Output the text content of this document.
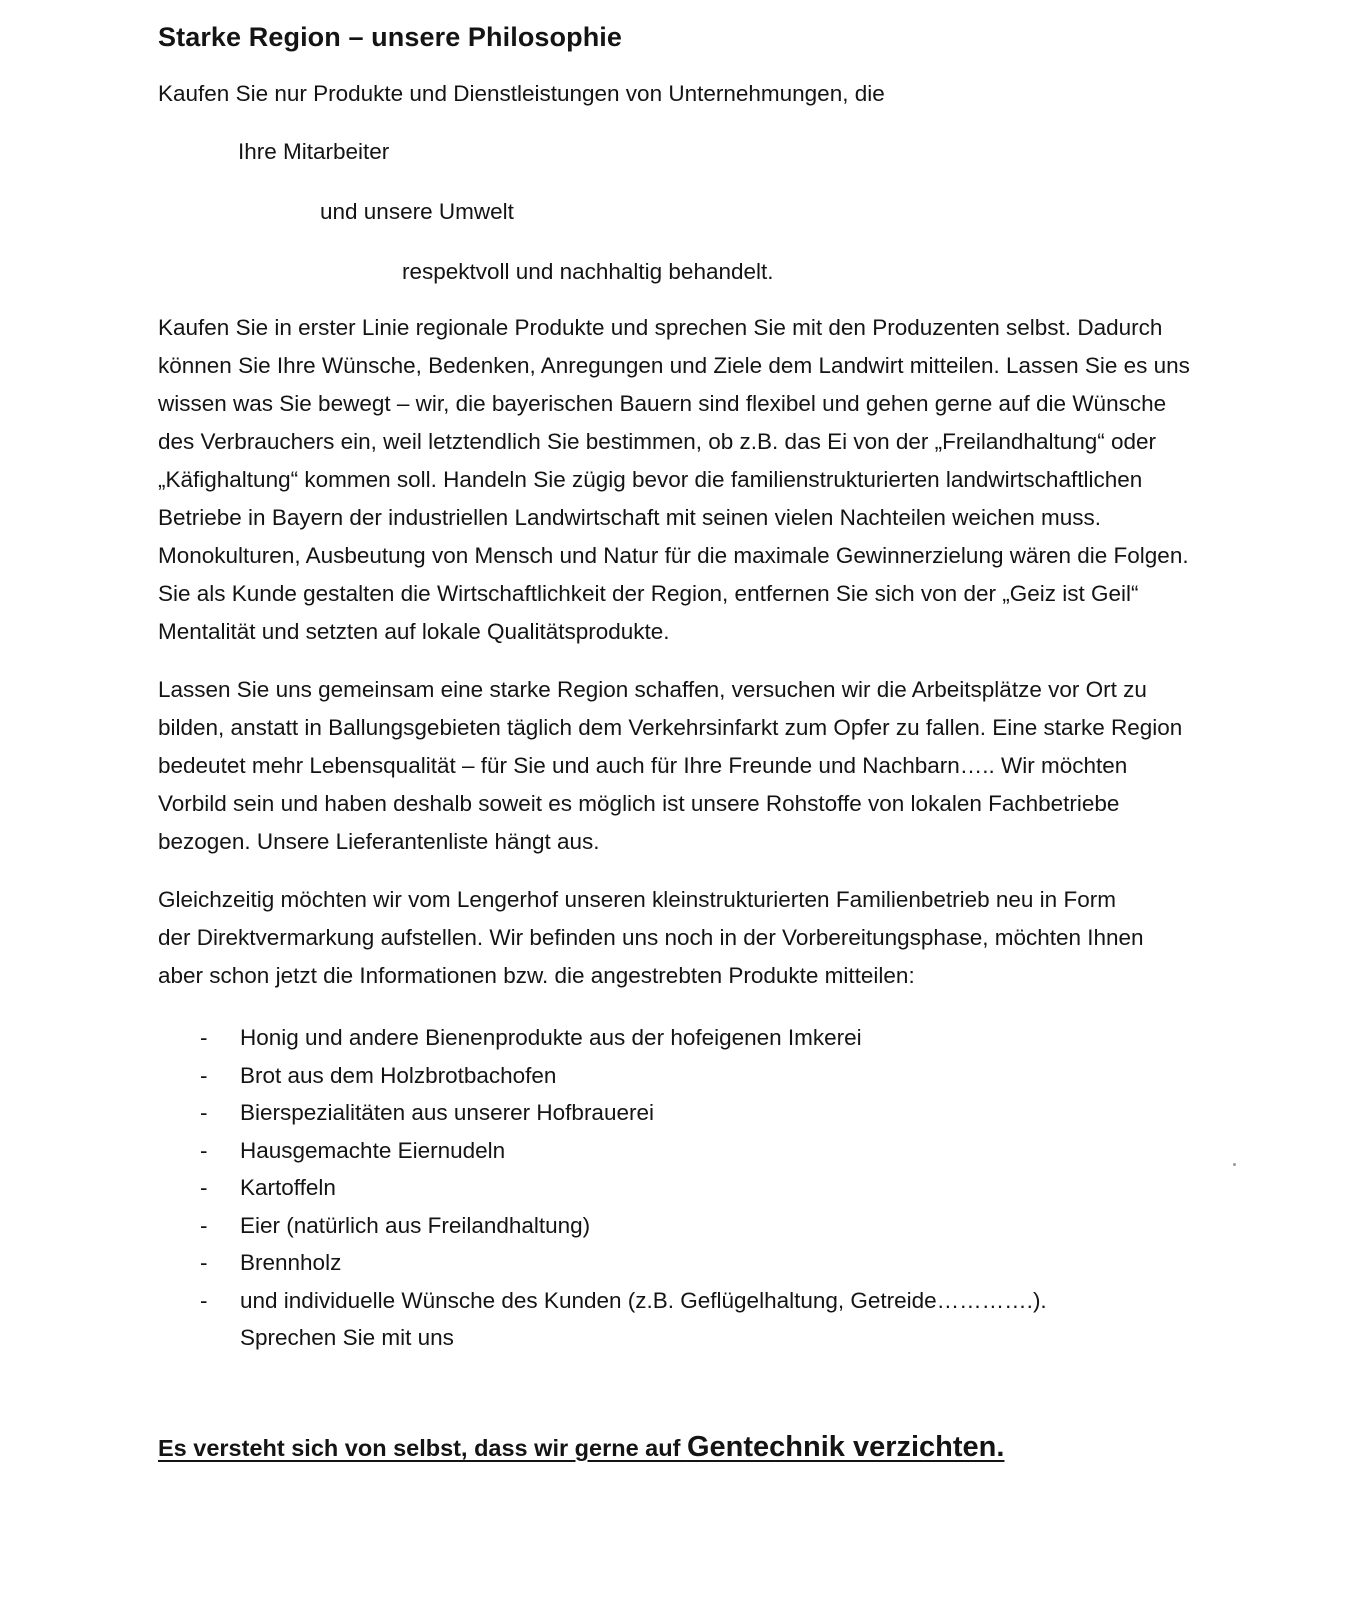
Starke Region – unsere Philosophie

Kaufen Sie nur Produkte und Dienstleistungen von Unternehmungen, die

Ihre Mitarbeiter

und unsere Umwelt

respektvoll und nachhaltig behandelt.

Kaufen Sie in erster Linie regionale Produkte und sprechen Sie mit den Produzenten selbst. Dadurch können Sie Ihre Wünsche, Bedenken, Anregungen und Ziele dem Landwirt mitteilen. Lassen Sie es uns wissen was Sie bewegt – wir, die bayerischen Bauern sind flexibel und gehen gerne auf die Wünsche des Verbrauchers ein, weil letztendlich Sie bestimmen, ob z.B. das Ei von der „Freilandhaltung“ oder „Käfighaltung“ kommen soll. Handeln Sie zügig bevor die familienstrukturierten landwirtschaftlichen Betriebe in Bayern der industriellen Landwirtschaft mit seinen vielen Nachteilen weichen muss. Monokulturen, Ausbeutung von Mensch und Natur für die maximale Gewinnerzielung wären die Folgen. Sie als Kunde gestalten die Wirtschaftlichkeit der Region, entfernen Sie sich von der „Geiz ist Geil“ Mentalität und setzten auf lokale Qualitätsprodukte.

Lassen Sie uns gemeinsam eine starke Region schaffen, versuchen wir die Arbeitsplätze vor Ort zu bilden, anstatt in Ballungsgebieten täglich dem Verkehrsinfarkt zum Opfer zu fallen. Eine starke Region bedeutet mehr Lebensqualität – für Sie und auch für Ihre Freunde und Nachbarn….. Wir möchten Vorbild sein und haben deshalb soweit es möglich ist unsere Rohstoffe von lokalen Fachbetriebe bezogen. Unsere Lieferantenliste hängt aus.

Gleichzeitig möchten wir vom Lengerhof unseren kleinstrukturierten Familienbetrieb neu in Form der Direktvermarkung aufstellen. Wir befinden uns noch in der Vorbereitungsphase, möchten Ihnen aber schon jetzt die Informationen bzw. die angestrebten Produkte mitteilen:

- Honig und andere Bienenprodukte aus der hofeigenen Imkerei
- Brot aus dem Holzbrotbachofen
- Bierspezialitäten aus unserer Hofbrauerei
- Hausgemachte Eiernudeln
- Kartoffeln
- Eier (natürlich aus Freilandhaltung)
- Brennholz
- und individuelle Wünsche des Kunden (z.B. Geflügelhaltung, Getreide………….). Sprechen Sie mit uns
Es versteht sich von selbst, dass wir gerne auf Gentechnik verzichten.
